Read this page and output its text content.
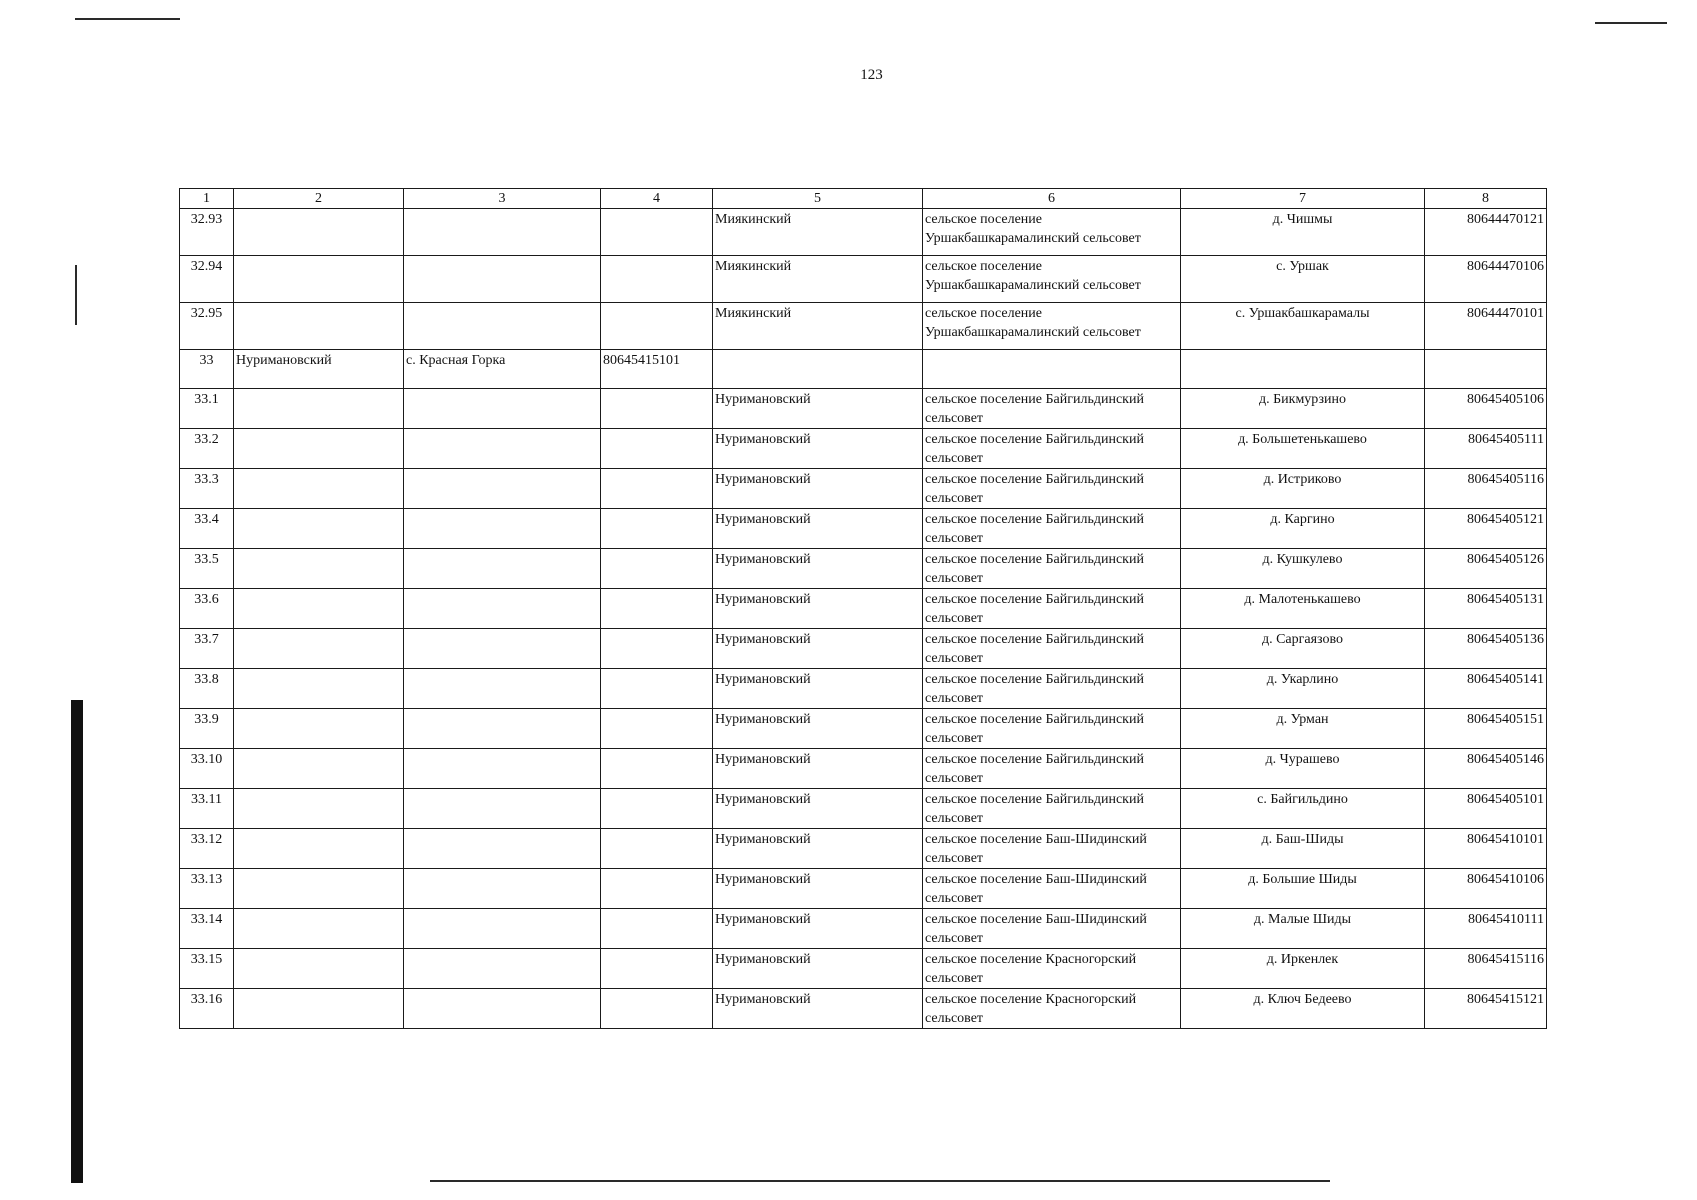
123
1	2	3	4	5	6	7	8
32.93				Миякинский	сельское поселение Уршакбашкарамалинский сельсовет	д. Чишмы	80644470121
32.94				Миякинский	сельское поселение Уршакбашкарамалинский сельсовет	с. Уршак	80644470106
32.95				Миякинский	сельское поселение Уршакбашкарамалинский сельсовет	с. Уршакбашкарамалы	80644470101
33	Нуримановский	с. Красная Горка	80645415101				
33.1				Нуримановский	сельское поселение Байгильдинский сельсовет	д. Бикмурзино	80645405106
33.2				Нуримановский	сельское поселение Байгильдинский сельсовет	д. Большетенькашево	80645405111
33.3				Нуримановский	сельское поселение Байгильдинский сельсовет	д. Истриково	80645405116
33.4				Нуримановский	сельское поселение Байгильдинский сельсовет	д. Каргино	80645405121
33.5				Нуримановский	сельское поселение Байгильдинский сельсовет	д. Кушкулево	80645405126
33.6				Нуримановский	сельское поселение Байгильдинский сельсовет	д. Малотенькашево	80645405131
33.7				Нуримановский	сельское поселение Байгильдинский сельсовет	д. Саргаязово	80645405136
33.8				Нуримановский	сельское поселение Байгильдинский сельсовет	д. Укарлино	80645405141
33.9				Нуримановский	сельское поселение Байгильдинский сельсовет	д. Урман	80645405151
33.10				Нуримановский	сельское поселение Байгильдинский сельсовет	д. Чурашево	80645405146
33.11				Нуримановский	сельское поселение Байгильдинский сельсовет	с. Байгильдино	80645405101
33.12				Нуримановский	сельское поселение Баш-Шидинский сельсовет	д. Баш-Шиды	80645410101
33.13				Нуримановский	сельское поселение Баш-Шидинский сельсовет	д. Большие Шиды	80645410106
33.14				Нуримановский	сельское поселение Баш-Шидинский сельсовет	д. Малые Шиды	80645410111
33.15				Нуримановский	сельское поселение Красногорский сельсовет	д. Иркенлек	80645415116
33.16				Нуримановский	сельское поселение Красногорский сельсовет	д. Ключ Бедеево	80645415121
